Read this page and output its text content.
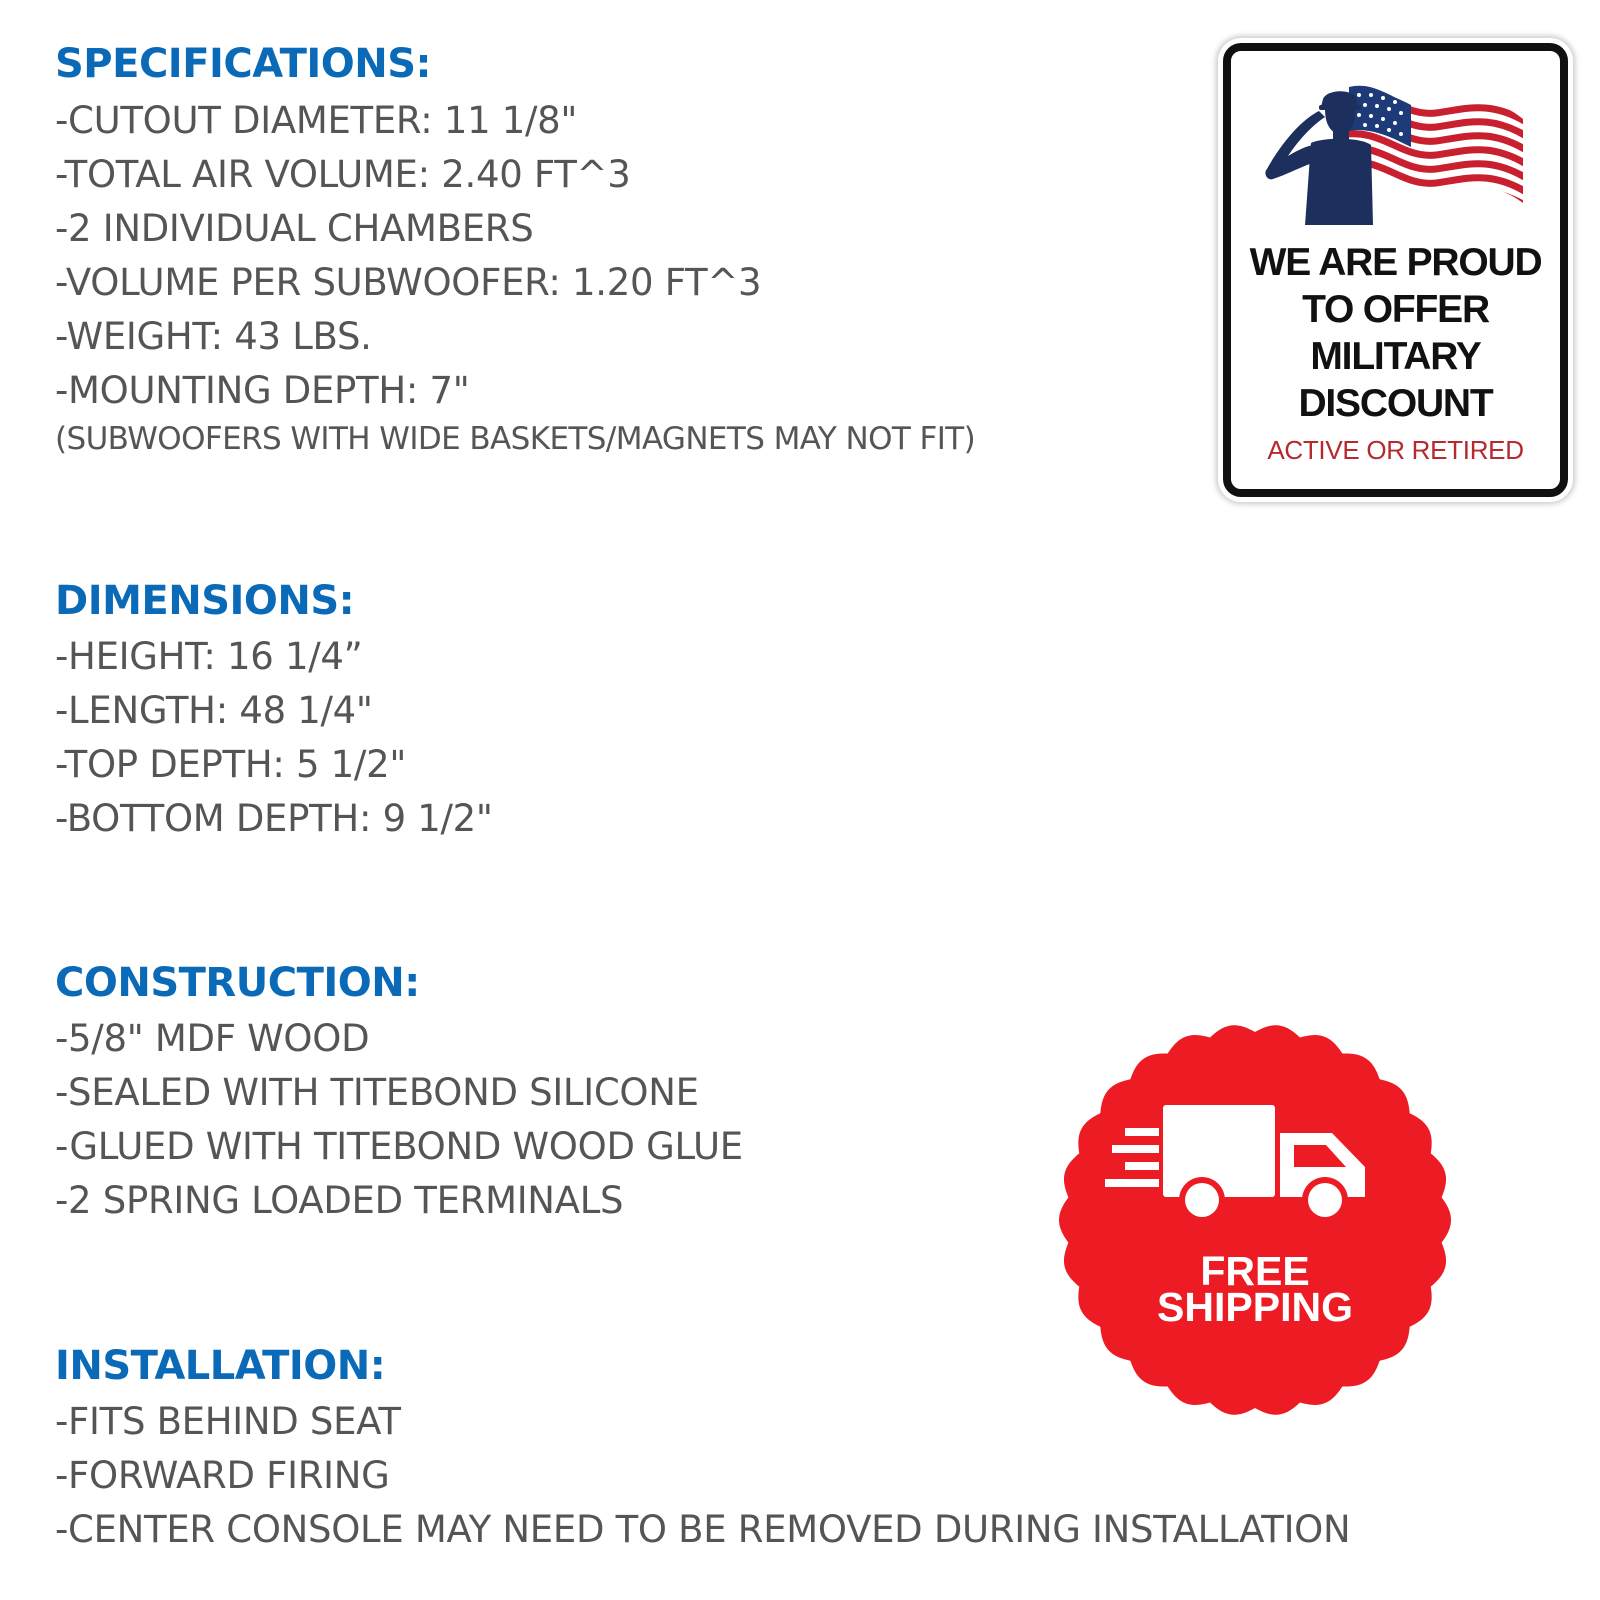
SPECIFICATIONS:

-CUTOUT DIAMETER: 11 1/8"

-TOTAL AIR VOLUME: 2.40 FT^3

-2 INDIVIDUAL CHAMBERS

-VOLUME PER SUBWOOFER: 1.20 FT^3

-WEIGHT: 43 LBS.

-MOUNTING DEPTH: 7"

(SUBWOOFERS WITH WIDE BASKETS/MAGNETS MAY NOT FIT)

DIMENSIONS:

-HEIGHT: 16 1/4”

-LENGTH: 48 1/4"

-TOP DEPTH: 5 1/2"

-BOTTOM DEPTH: 9 1/2"

CONSTRUCTION:

-5/8" MDF WOOD

-SEALED WITH TITEBOND SILICONE

-GLUED WITH TITEBOND WOOD GLUE

-2 SPRING LOADED TERMINALS

INSTALLATION:

-FITS BEHIND SEAT

-FORWARD FIRING

-CENTER CONSOLE MAY NEED TO BE REMOVED DURING INSTALLATION

WE ARE PROUD
TO OFFER
MILITARY
DISCOUNT

ACTIVE OR RETIRED

FREE

SHIPPING
